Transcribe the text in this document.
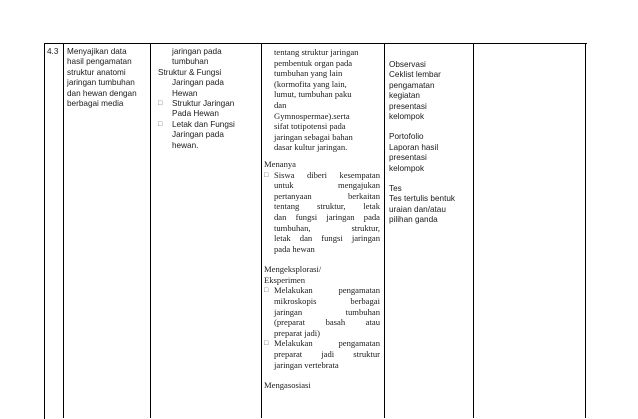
4.3 Menyajikan data
hasil pengamatan
struktur anatomi
jaringan tumbuhan
dan hewan dengan
berbagai media
jaringan pada
tumbuhan
Struktur & Fungsi
Jaringan pada
Hewan
□	Struktur Jaringan
Pada Hewan
□	Letak dan Fungsi
Jaringan pada
hewan.
tentang struktur jaringan
pembentuk organ pada
tumbuhan yang lain
(kormofita yang lain,
lumut, tumbuhan paku
dan
Gymnospermae).serta
sifat totipotensi pada
jaringan sebagai bahan
dasar kultur jaringan.
Menanya
□ Siswa diberi kesempatan
untuk mengajukan
pertanyaan berkaitan
tentang struktur, letak
dan fungsi jaringan pada
tumbuhan, struktur,
letak dan fungsi jaringan
pada hewan
Mengeksplorasi/
Eksperimen
□ Melakukan pengamatan
mikroskopis berbagai
jaringan tumbuhan
(preparat basah atau
preparat jadi)
□ Melakukan pengamatan
preparat jadi struktur
jaringan vertebrata
Mengasosiasi
Observasi
Ceklist lembar
pengamatan
kegiatan
presentasi
kelompok
Portofolio
Laporan hasil
presentasi
kelompok
Tes
Tes tertulis bentuk
uraian dan/atau
pilihan ganda
